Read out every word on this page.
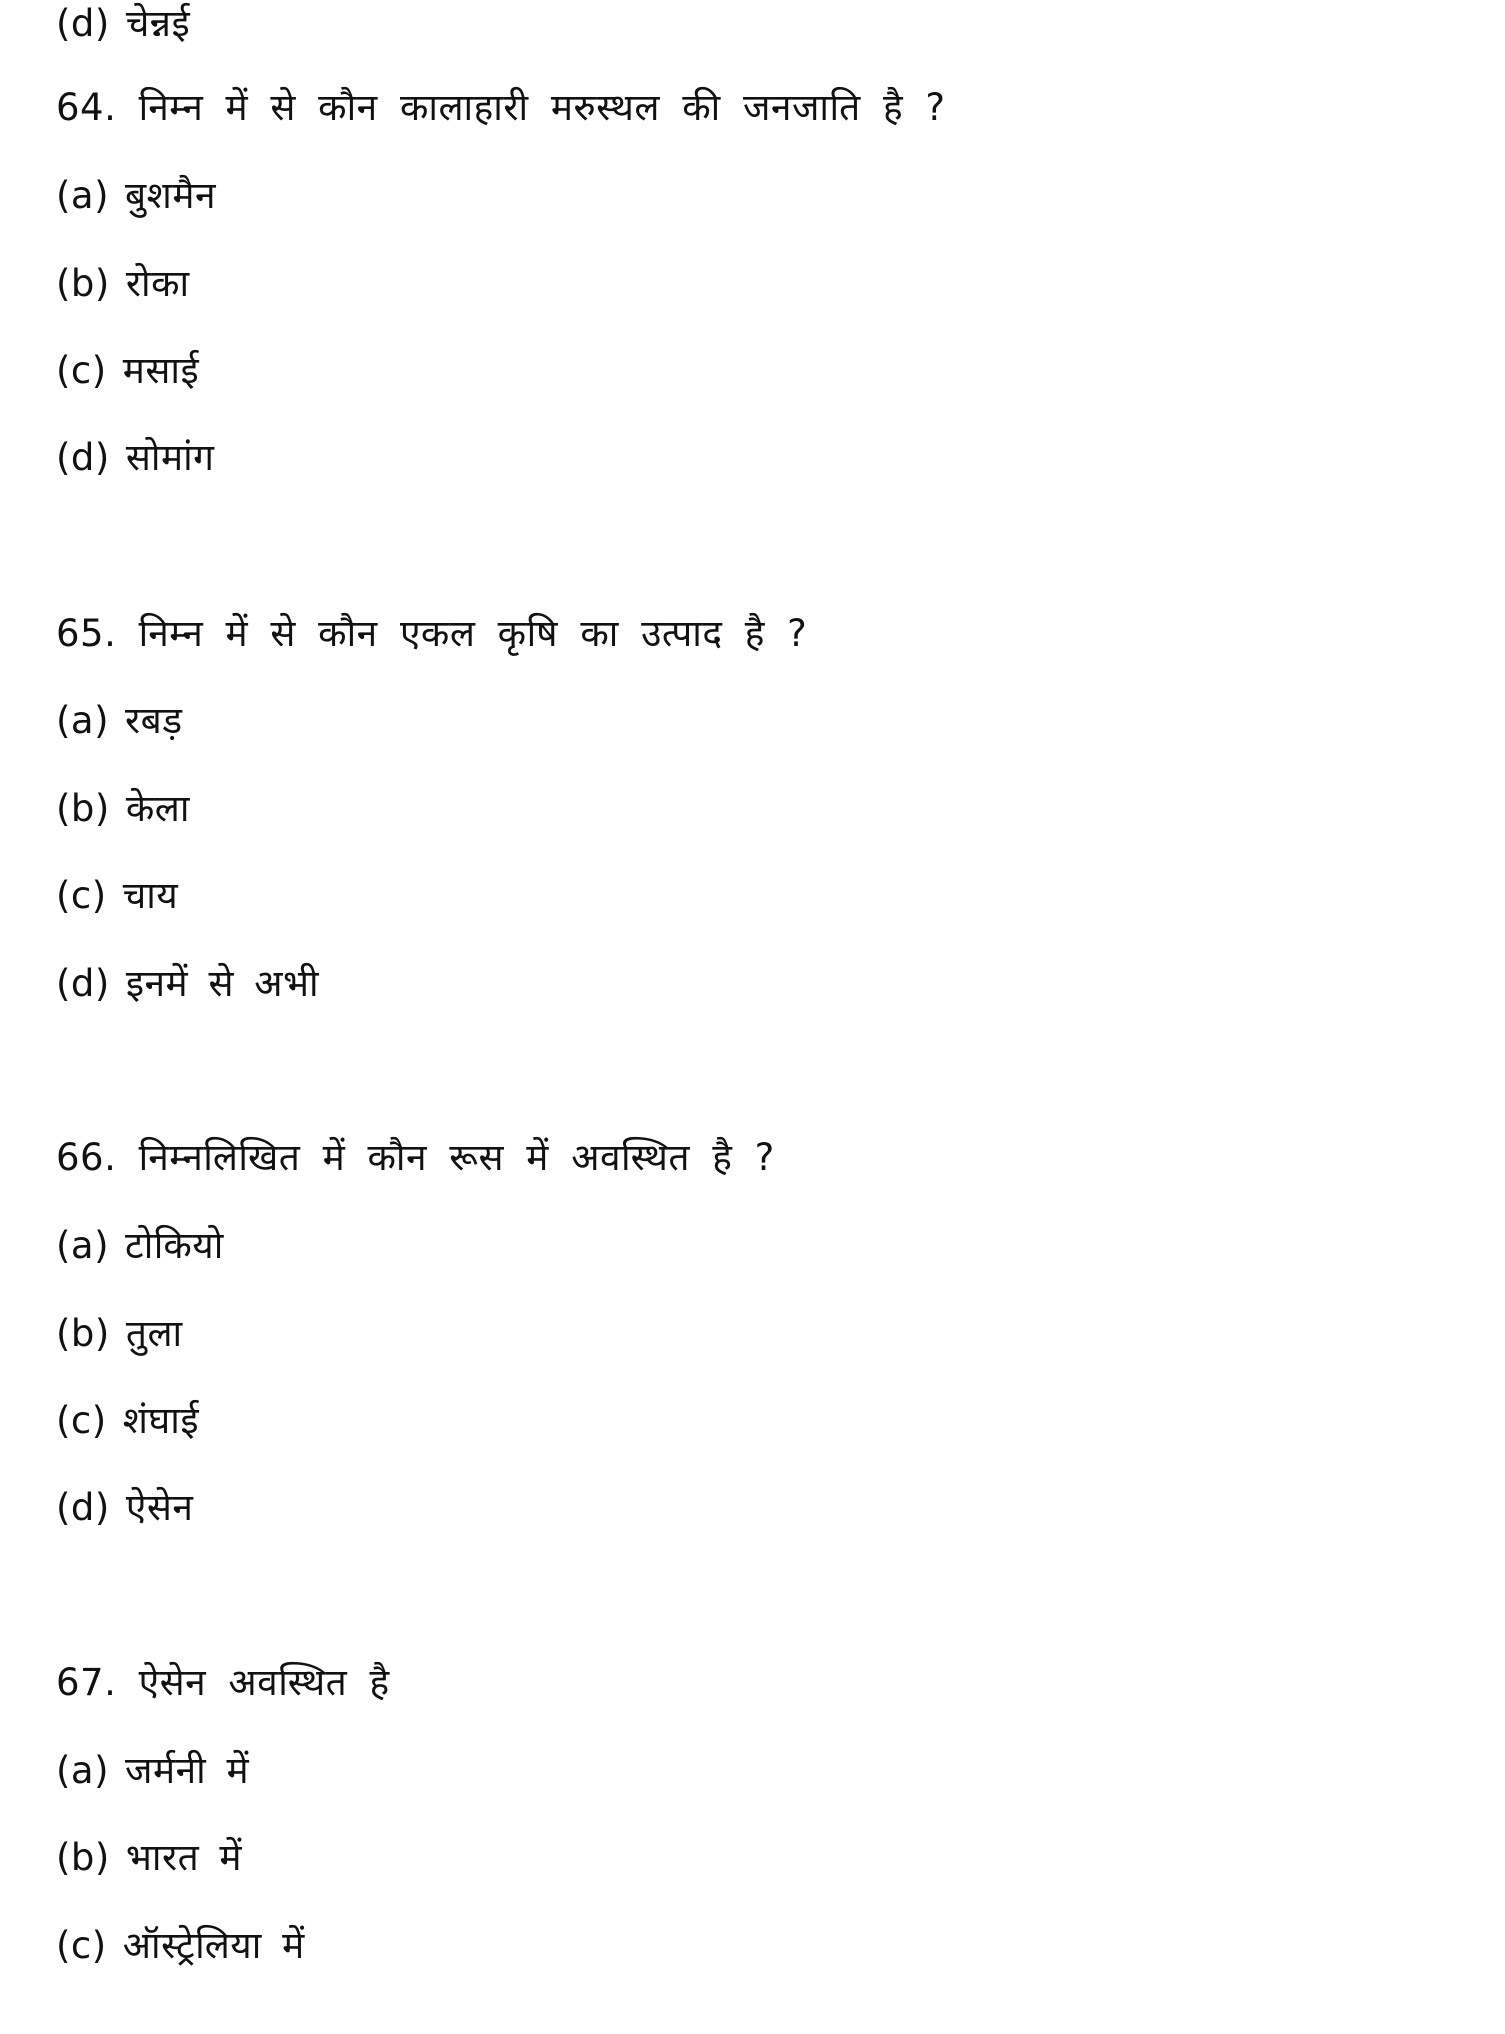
(d) चेन्नई
64. निम्न में से कौन कालाहारी मरुस्थल की जनजाति है ?
(a) बुशमैन
(b) रोका
(c) मसाई
(d) सोमांग
65. निम्न में से कौन एकल कृषि का उत्पाद है ?
(a) रबड़
(b) केला
(c) चाय
(d) इनमें से अभी
66. निम्नलिखित में कौन रूस में अवस्थित है ?
(a) टोकियो
(b) तुला
(c) शंघाई
(d) ऐसेन
67. ऐसेन अवस्थित है
(a) जर्मनी में
(b) भारत में
(c) ऑस्ट्रेलिया में
